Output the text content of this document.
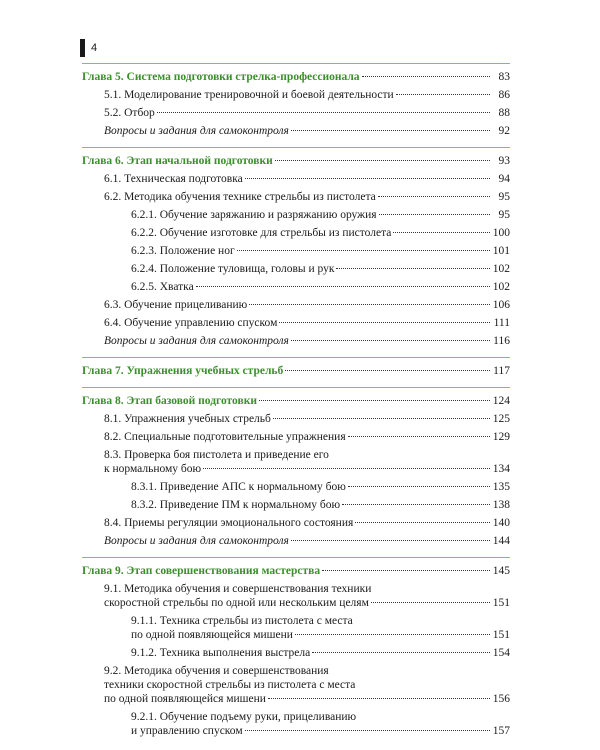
4
Глава 5. Система подготовки стрелка-профессионала	83
5.1. Моделирование тренировочной и боевой деятельности	86
5.2. Отбор	88
Вопросы и задания для самоконтроля	92
Глава 6. Этап начальной подготовки	93
6.1. Техническая подготовка	94
6.2. Методика обучения технике стрельбы из пистолета	95
6.2.1. Обучение заряжанию и разряжанию оружия	95
6.2.2. Обучение изготовке для стрельбы из пистолета	100
6.2.3. Положение ног	101
6.2.4. Положение туловища, головы и рук	102
6.2.5. Хватка	102
6.3. Обучение прицеливанию	106
6.4. Обучение управлению спуском	111
Вопросы и задания для самоконтроля	116
Глава 7. Упражнения учебных стрельб	117
Глава 8. Этап базовой подготовки	124
8.1. Упражнения учебных стрельб	125
8.2. Специальные подготовительные упражнения	129
8.3. Проверка боя пистолета и приведение его
к нормальному бою	134
8.3.1. Приведение АПС к нормальному бою	135
8.3.2. Приведение ПМ к нормальному бою	138
8.4. Приемы регуляции эмоционального состояния	140
Вопросы и задания для самоконтроля	144
Глава 9. Этап совершенствования мастерства	145
9.1. Методика обучения и совершенствования техники
скоростной стрельбы по одной или нескольким целям	151
9.1.1. Техника стрельбы из пистолета с места
по одной появляющейся мишени	151
9.1.2. Техника выполнения выстрела	154
9.2. Методика обучения и совершенствования
техники скоростной стрельбы из пистолета с места
по одной появляющейся мишени	156
9.2.1. Обучение подъему руки, прицеливанию
и управлению спуском	157
